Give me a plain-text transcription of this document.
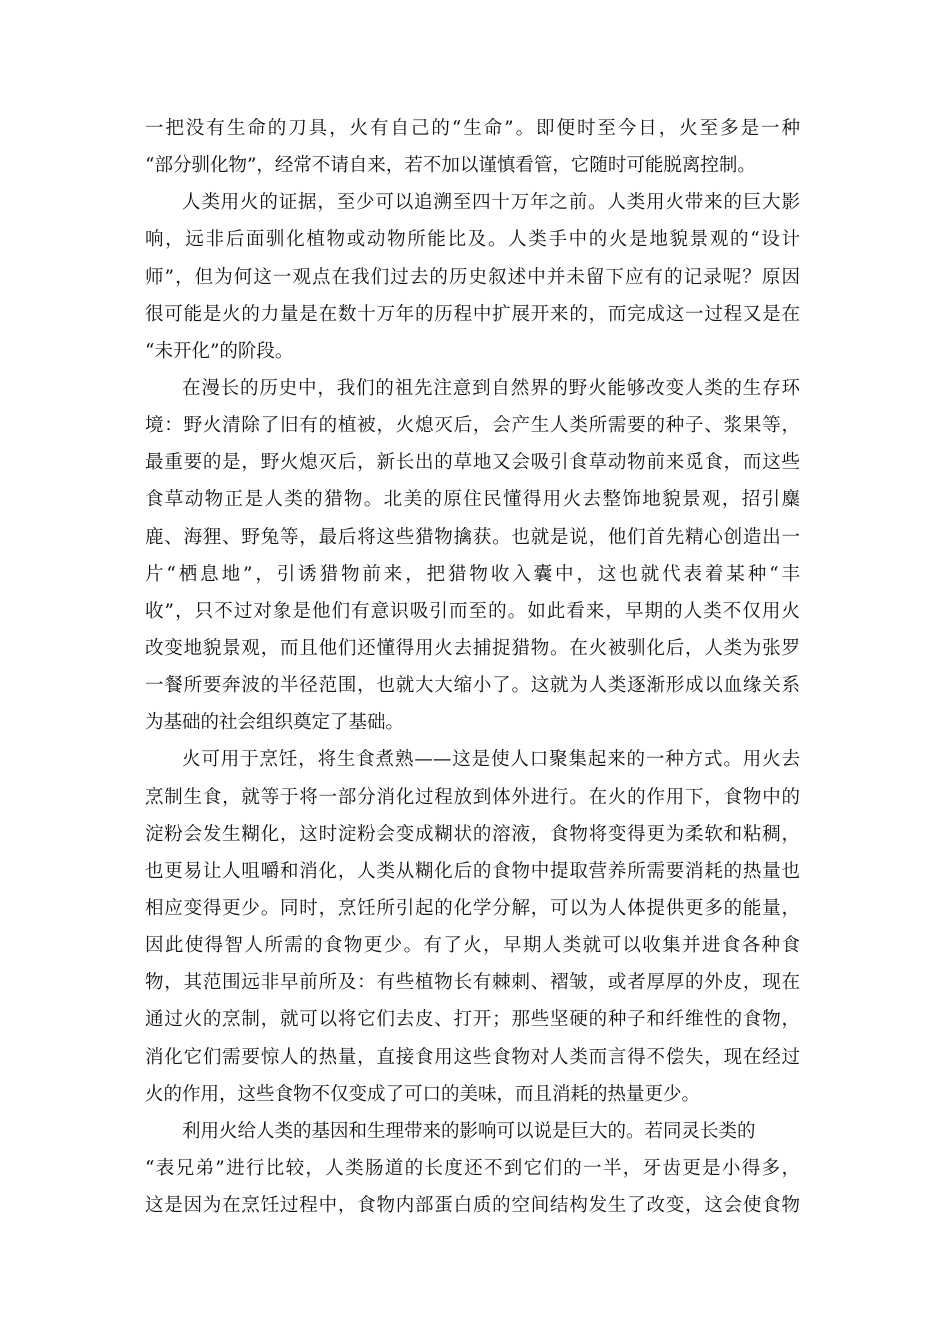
一把没有生命的刀具，火有自己的“生命”。即便时至今日，火至多是一种
“部分驯化物”，经常不请自来，若不加以谨慎看管，它随时可能脱离控制。
人类用火的证据，至少可以追溯至四十万年之前。人类用火带来的巨大影
响，远非后面驯化植物或动物所能比及。人类手中的火是地貌景观的“设计
师”，但为何这一观点在我们过去的历史叙述中并未留下应有的记录呢？原因
很可能是火的力量是在数十万年的历程中扩展开来的，而完成这一过程又是在
“未开化”的阶段。
在漫长的历史中，我们的祖先注意到自然界的野火能够改变人类的生存环
境：野火清除了旧有的植被，火熄灭后，会产生人类所需要的种子、浆果等，
最重要的是，野火熄灭后，新长出的草地又会吸引食草动物前来觅食，而这些
食草动物正是人类的猎物。北美的原住民懂得用火去整饰地貌景观，招引麋
鹿、海狸、野兔等，最后将这些猎物擒获。也就是说，他们首先精心创造出一
片“栖息地”，引诱猎物前来，把猎物收入囊中，这也就代表着某种“丰
收”，只不过对象是他们有意识吸引而至的。如此看来，早期的人类不仅用火
改变地貌景观，而且他们还懂得用火去捕捉猎物。在火被驯化后，人类为张罗
一餐所要奔波的半径范围，也就大大缩小了。这就为人类逐渐形成以血缘关系
为基础的社会组织奠定了基础。
火可用于烹饪，将生食煮熟——这是使人口聚集起来的一种方式。用火去
烹制生食，就等于将一部分消化过程放到体外进行。在火的作用下，食物中的
淀粉会发生糊化，这时淀粉会变成糊状的溶液，食物将变得更为柔软和粘稠，
也更易让人咀嚼和消化，人类从糊化后的食物中提取营养所需要消耗的热量也
相应变得更少。同时，烹饪所引起的化学分解，可以为人体提供更多的能量，
因此使得智人所需的食物更少。有了火，早期人类就可以收集并进食各种食
物，其范围远非早前所及：有些植物长有棘刺、褶皱，或者厚厚的外皮，现在
通过火的烹制，就可以将它们去皮、打开；那些坚硬的种子和纤维性的食物，
消化它们需要惊人的热量，直接食用这些食物对人类而言得不偿失，现在经过
火的作用，这些食物不仅变成了可口的美味，而且消耗的热量更少。
利用火给人类的基因和生理带来的影响可以说是巨大的。若同灵长类的
“表兄弟”进行比较，人类肠道的长度还不到它们的一半，牙齿更是小得多，
这是因为在烹饪过程中，食物内部蛋白质的空间结构发生了改变，这会使食物
